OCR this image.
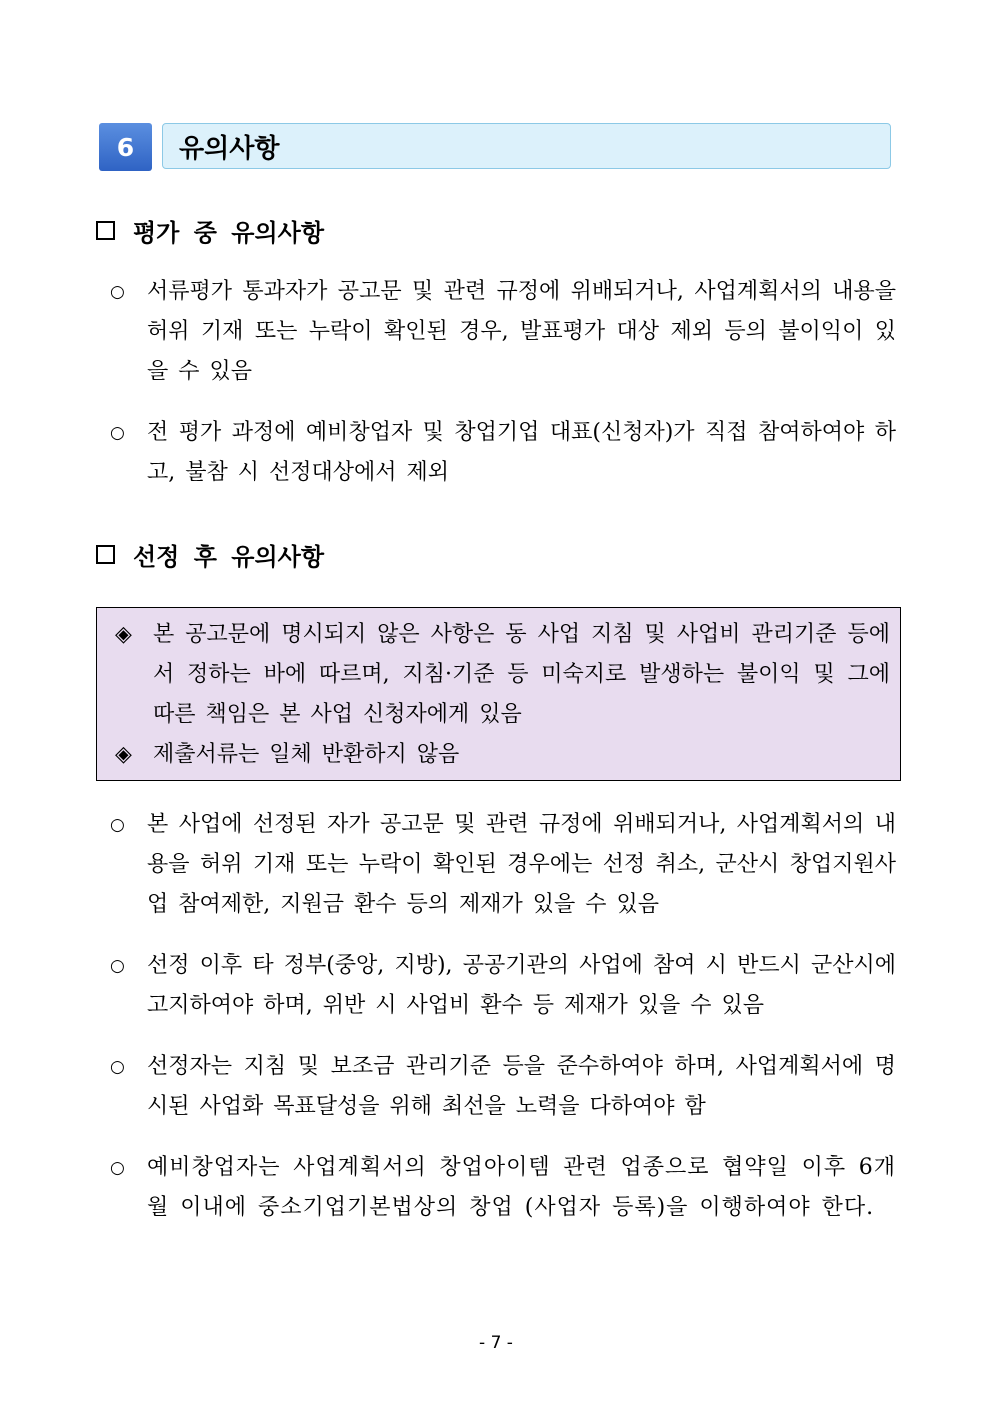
6	유의사항
평가 중 유의사항
○ 서류평가 통과자가 공고문 및 관련 규정에 위배되거나, 사업계획서의 내용을 허위 기재 또는 누락이 확인된 경우, 발표평가 대상 제외 등의 불이익이 있을 수 있음
○ 전 평가 과정에 예비창업자 및 창업기업 대표(신청자)가 직접 참여하여야 하고, 불참 시 선정대상에서 제외
선정 후 유의사항
◈ 본 공고문에 명시되지 않은 사항은 동 사업 지침 및 사업비 관리기준 등에서 정하는 바에 따르며, 지침·기준 등 미숙지로 발생하는 불이익 및 그에 따른 책임은 본 사업 신청자에게 있음
◈ 제출서류는 일체 반환하지 않음
○ 본 사업에 선정된 자가 공고문 및 관련 규정에 위배되거나, 사업계획서의 내용을 허위 기재 또는 누락이 확인된 경우에는 선정 취소, 군산시 창업지원사업 참여제한, 지원금 환수 등의 제재가 있을 수 있음
○ 선정 이후 타 정부(중앙, 지방), 공공기관의 사업에 참여 시 반드시 군산시에 고지하여야 하며, 위반 시 사업비 환수 등 제재가 있을 수 있음
○ 선정자는 지침 및 보조금 관리기준 등을 준수하여야 하며, 사업계획서에 명시된 사업화 목표달성을 위해 최선을 노력을 다하여야 함
○ 예비창업자는 사업계획서의 창업아이템 관련 업종으로 협약일 이후 6개월 이내에 중소기업기본법상의 창업 (사업자 등록)을 이행하여야 한다.
- 7 -
